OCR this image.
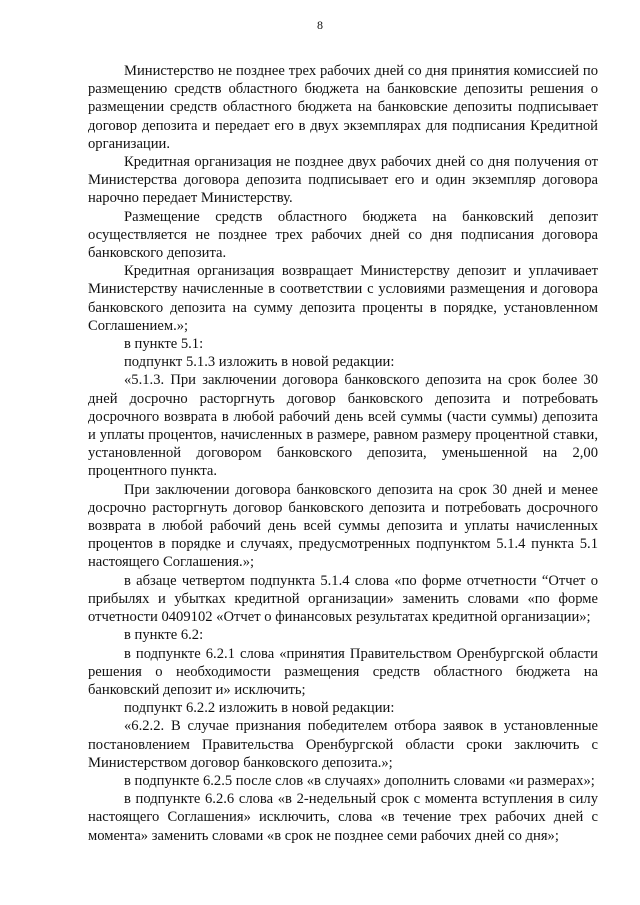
8

Министерство не позднее трех рабочих дней со дня принятия комиссией по размещению средств областного бюджета на банковские депозиты решения о размещении средств областного бюджета на банковские депозиты подписывает договор депозита и передает его в двух экземплярах для подписания Кредитной организации.

Кредитная организация не позднее двух рабочих дней со дня получения от Министерства договора депозита подписывает его и один экземпляр договора нарочно передает Министерству.

Размещение средств областного бюджета на банковский депозит осуществляется не позднее трех рабочих дней со дня подписания договора банковского депозита.

Кредитная организация возвращает Министерству депозит и уплачивает Министерству начисленные в соответствии с условиями размещения и договора банковского депозита на сумму депозита проценты в порядке, установленном Соглашением.»;

в пункте 5.1:

подпункт 5.1.3 изложить в новой редакции:

«5.1.3. При заключении договора банковского депозита на срок более 30 дней досрочно расторгнуть договор банковского депозита и потребовать досрочного возврата в любой рабочий день всей суммы (части суммы) депозита и уплаты процентов, начисленных в размере, равном размеру процентной ставки, установленной договором банковского депозита, уменьшенной на 2,00 процентного пункта.

При заключении договора банковского депозита на срок 30 дней и менее досрочно расторгнуть договор банковского депозита и потребовать досрочного возврата в любой рабочий день всей суммы депозита и уплаты начисленных процентов в порядке и случаях, предусмотренных подпунктом 5.1.4 пункта 5.1 настоящего Соглашения.»;

в абзаце четвертом подпункта 5.1.4 слова «по форме отчетности “Отчет о прибылях и убытках кредитной организации» заменить словами «по форме отчетности 0409102 «Отчет о финансовых результатах кредитной организации»;

в пункте 6.2:

в подпункте 6.2.1 слова «принятия Правительством Оренбургской области решения о необходимости размещения средств областного бюджета на банковский депозит и» исключить;

подпункт 6.2.2 изложить в новой редакции:

«6.2.2. В случае признания победителем отбора заявок в установленные постановлением Правительства Оренбургской области сроки заключить с Министерством договор банковского депозита.»;

в подпункте 6.2.5 после слов «в случаях» дополнить словами «и размерах»;

в подпункте 6.2.6 слова «в 2-недельный срок с момента вступления в силу настоящего Соглашения» исключить, слова «в течение трех рабочих дней с момента» заменить словами «в срок не позднее семи рабочих дней со дня»;
